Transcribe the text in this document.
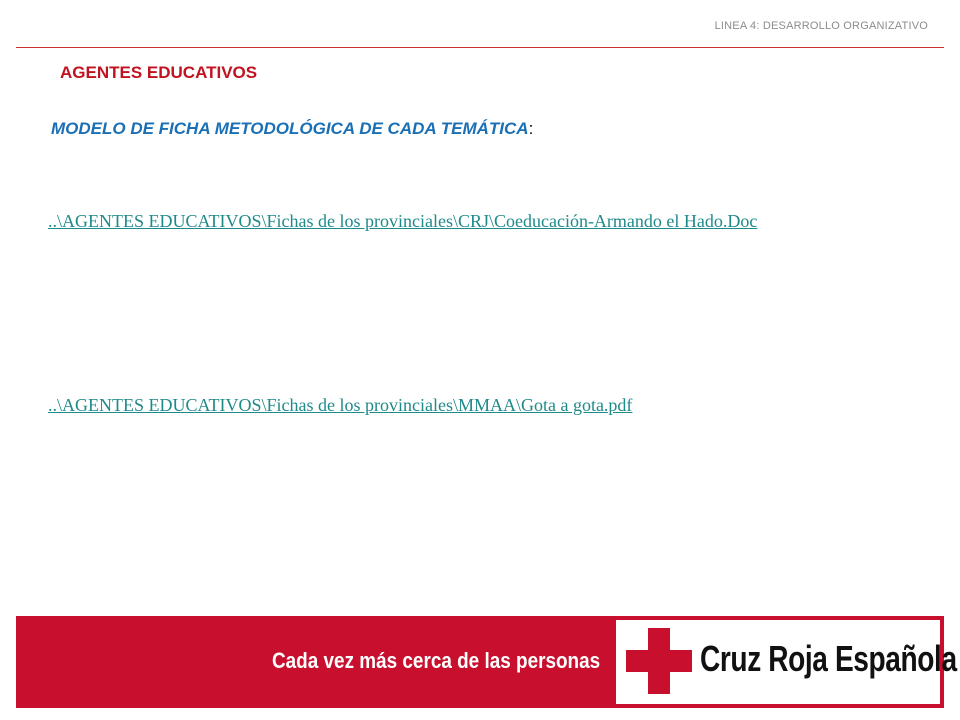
LINEA 4: DESARROLLO ORGANIZATIVO
AGENTES EDUCATIVOS
MODELO DE FICHA METODOLÓGICA DE CADA TEMÁTICA:
..\AGENTES EDUCATIVOS\Fichas de los provinciales\CRJ\Coeducación-Armando el Hado.Doc
..\AGENTES EDUCATIVOS\Fichas de los provinciales\MMAA\Gota a gota.pdf
Cada vez más cerca de las personas	Cruz Roja Española
